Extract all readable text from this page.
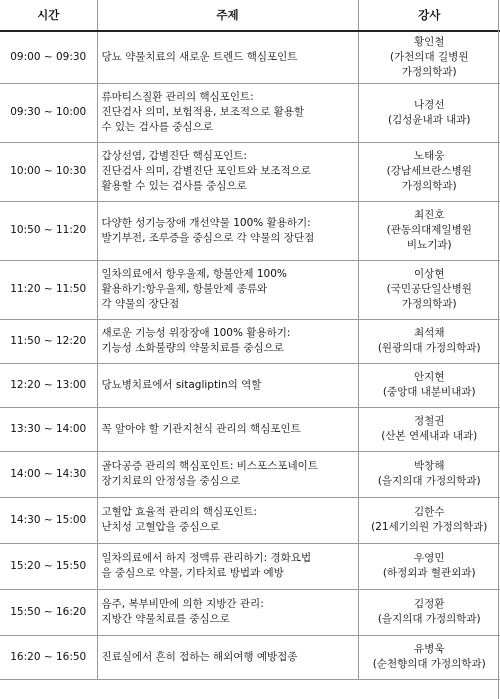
시간	주제	강사
09:00 ~ 09:30	당뇨 약물치료의 새로운 트렌드 핵심포인트	황인철
(가천의대 길병원
가정의학과)

09:30 ~ 10:00	류마티스질환 관리의 핵심포인트:
진단검사 의미, 보험적용, 보조적으로 활용할
수 있는 검사를 중심으로	나경선
(김성윤내과 내과)

10:00 ~ 10:30	갑상선염, 갑별진단 핵심포인트:
진단검사 의미, 감별진단 포인트와 보조적으로
활용할 수 있는 검사를 중심으로	노태웅
(강남세브란스병원
가정의학과)

10:50 ~ 11:20	다양한 성기능장애 개선약물 100% 활용하기:
발기부전, 조루증을 중심으로 각 약물의 장단점	최진호
(관동의대제일병원
비뇨기과)

11:20 ~ 11:50	일차의료에서 항우울제, 항불안제 100%
활용하기:항우울제, 항불안제 종류와
각 약물의 장단점	이상현
(국민공단일산병원
가정의학과)

11:50 ~ 12:20	새로운 기능성 위장장애 100% 활용하기:
기능성 소화불량의 약물치료를 중심으로	최석채
(원광의대 가정의학과)

12:20 ~ 13:00	당뇨병치료에서 sitagliptin의 역할	안지현
(중앙대 내분비내과)

13:30 ~ 14:00	꼭 알아야 할 기관지천식 관리의 핵심포인트	정철권
(산본 연세내과 내과)

14:00 ~ 14:30	골다공증 관리의 핵심포인트: 비스포스포네이트
장기치료의 안정성을 중심으로	박창해
(을지의대 가정의학과)

14:30 ~ 15:00	고혈압 효율적 관리의 핵심포인트:
난치성 고혈압을 중심으로	김한수
(21세기의원 가정의학과)

15:20 ~ 15:50	일차의료에서 하지 정맥류 관리하기: 경화요법
을 중심으로 약물, 기타치료 방법과 예방	우영민
(하정외과 혈관외과)

15:50 ~ 16:20	음주, 복부비만에 의한 지방간 관리:
지방간 약물치료를 중심으로	김정환
(을지의대 가정의학과)

16:20 ~ 16:50	진료실에서 흔히 접하는 해외여행 예방접종	유병욱
(순천향의대 가정의학과)
